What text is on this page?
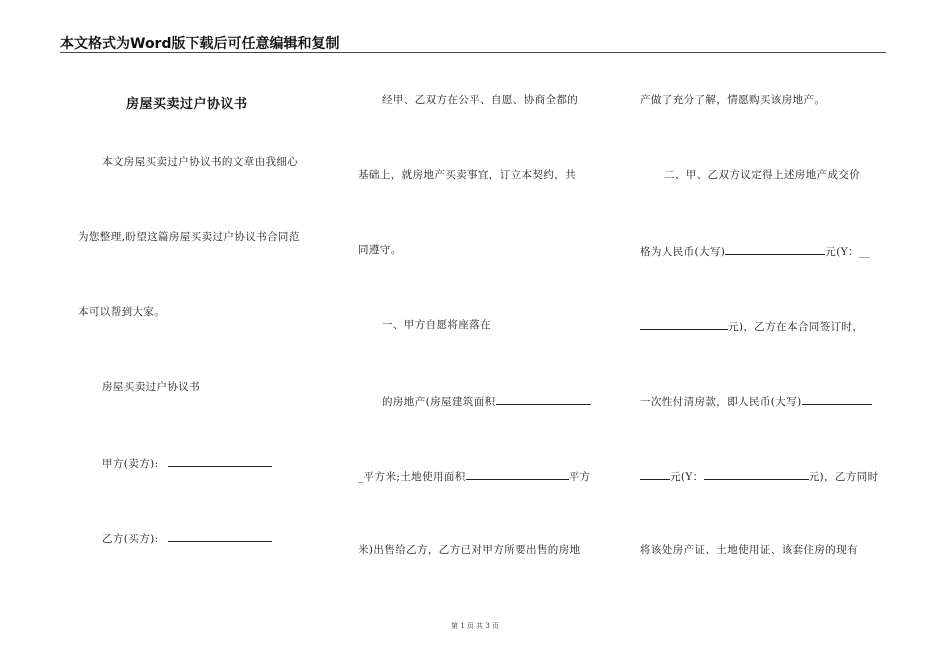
本文格式为Word版下载后可任意编辑和复制
房屋买卖过户协议书
本文房屋买卖过户协议书的文章由我细心
为您整理,盼望这篇房屋买卖过户协议书合同范
本可以帮到大家。
房屋买卖过户协议书
甲方(卖方):
乙方(买方):
经甲、乙双方在公平、自愿、协商全都的
基础上，就房地产买卖事宜，订立本契约，共
同遵守。
一、甲方自愿将座落在
的房地产(房屋建筑面积
_平方米;土地使用面积	平方
米)出售给乙方，乙方已对甲方所要出售的房地
产做了充分了解，情愿购买该房地产。
二、甲、乙双方议定得上述房地产成交价
格为人民币(大写)	元(Y：__
元)，乙方在本合同签订时，
一次性付清房款，即人民币(大写)
元(Y：	元)，乙方同时
将该处房产证、土地使用证、该套住房的现有
第 1 页 共 3 页
